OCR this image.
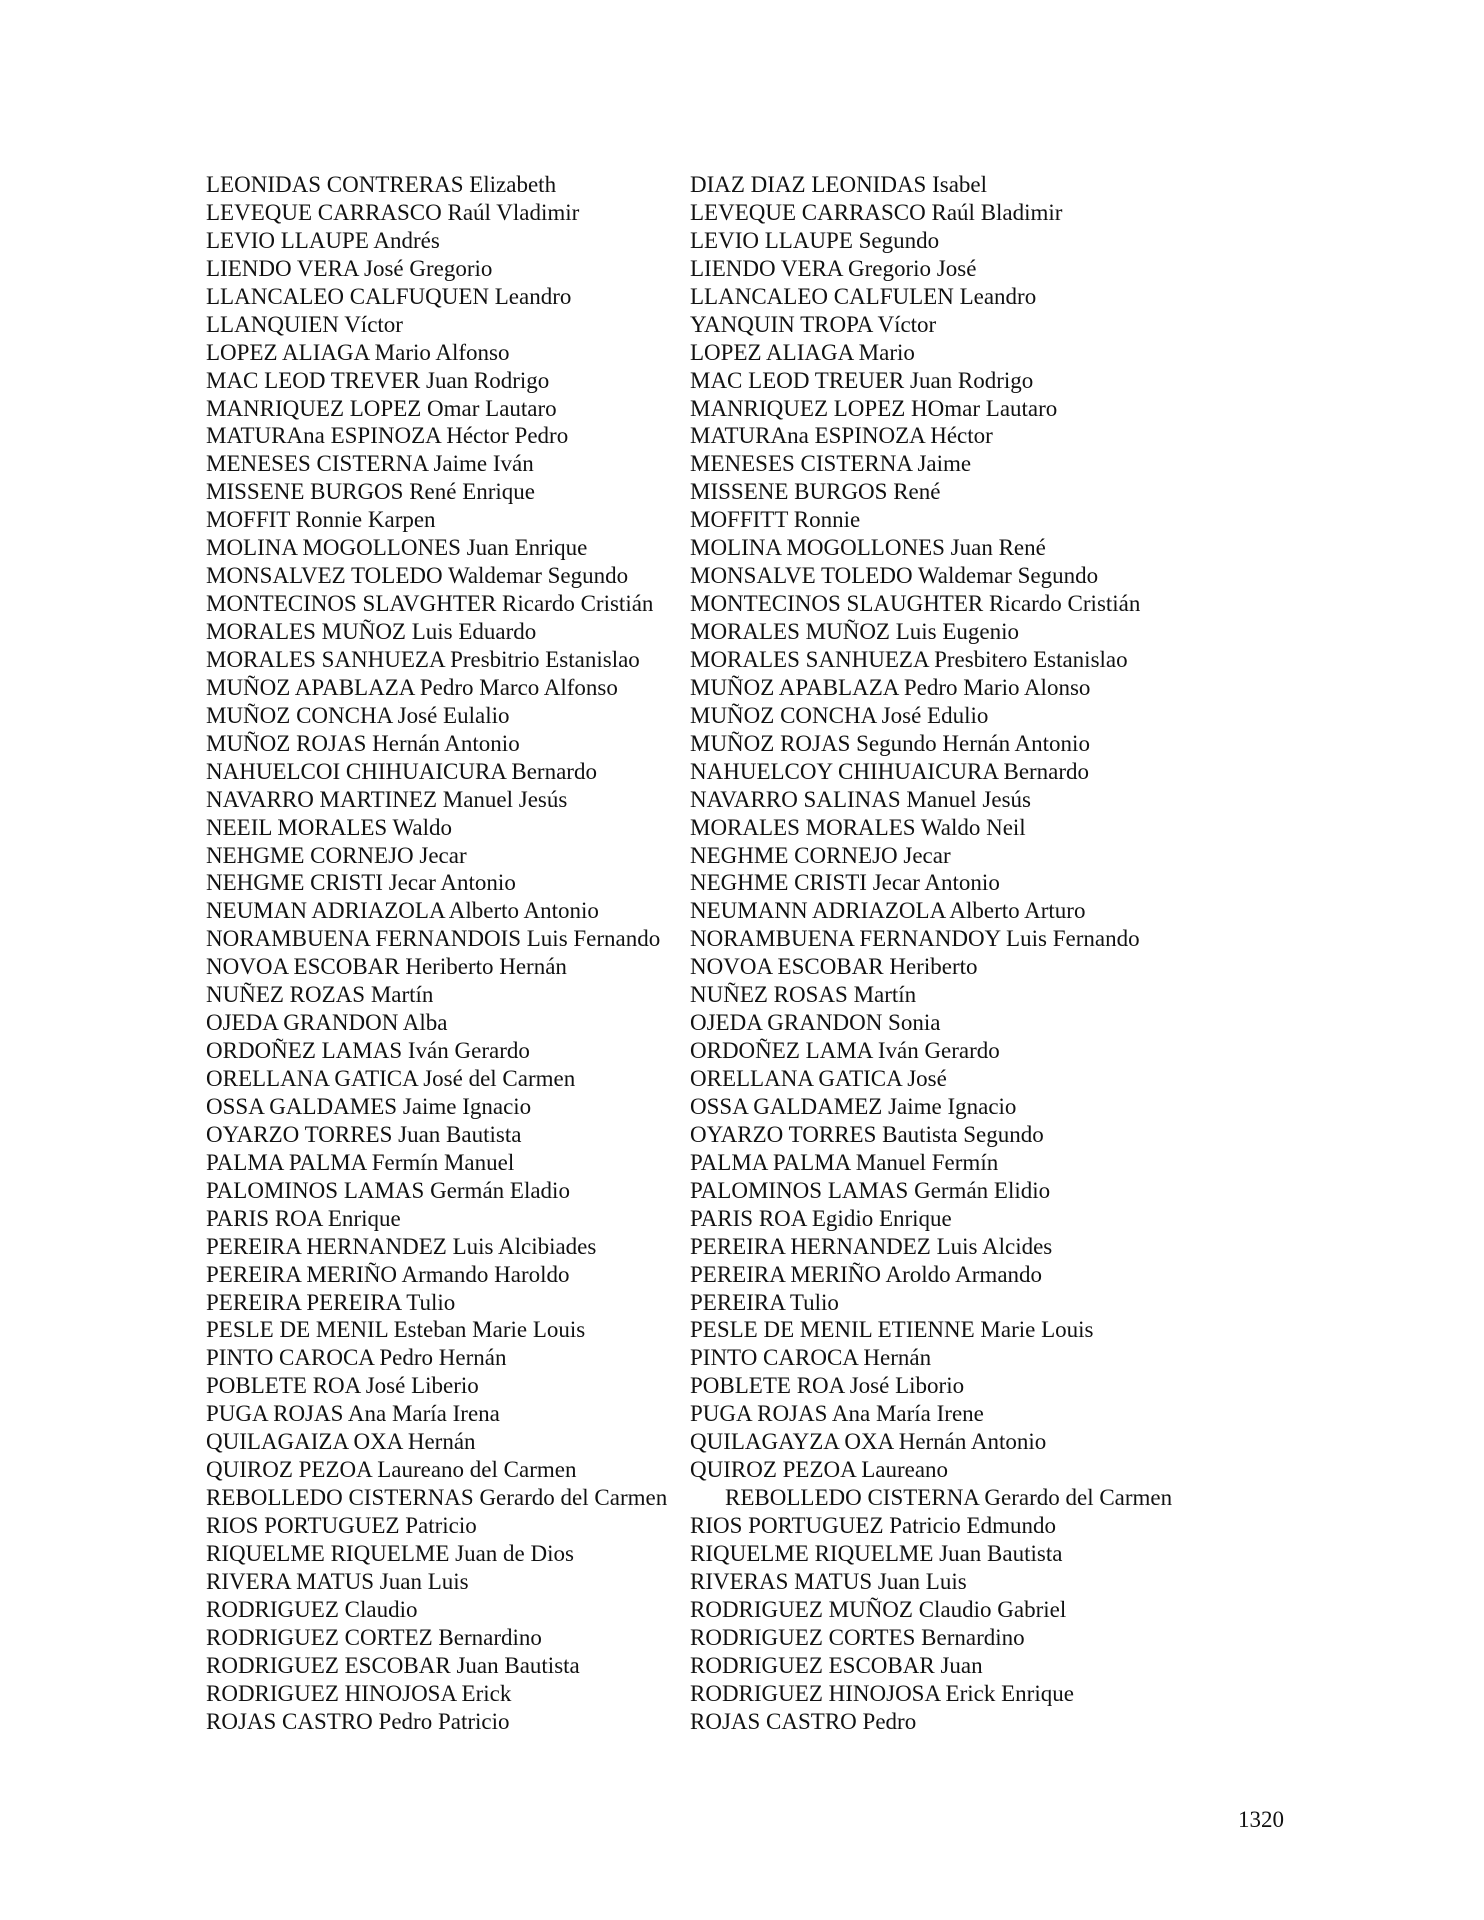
LEONIDAS CONTRERAS Elizabeth	DIAZ DIAZ LEONIDAS Isabel
LEVEQUE CARRASCO Raúl Vladimir	LEVEQUE CARRASCO Raúl Bladimir
LEVIO LLAUPE Andrés	LEVIO LLAUPE Segundo
LIENDO VERA José Gregorio	LIENDO VERA Gregorio José
LLANCALEO CALFUQUEN Leandro	LLANCALEO CALFULEN Leandro
LLANQUIEN Víctor	YANQUIN TROPA Víctor
LOPEZ ALIAGA Mario Alfonso	LOPEZ ALIAGA Mario
MAC LEOD TREVER Juan Rodrigo	MAC LEOD TREUER Juan Rodrigo
MANRIQUEZ LOPEZ Omar Lautaro	MANRIQUEZ LOPEZ HOmar Lautaro
MATURAna ESPINOZA Héctor Pedro	MATURAna ESPINOZA Héctor
MENESES CISTERNA Jaime Iván	MENESES CISTERNA Jaime
MISSENE BURGOS René Enrique	MISSENE BURGOS René
MOFFIT Ronnie Karpen	MOFFITT Ronnie
MOLINA MOGOLLONES Juan Enrique	MOLINA MOGOLLONES Juan René
MONSALVEZ TOLEDO Waldemar Segundo	MONSALVE TOLEDO Waldemar Segundo
MONTECINOS SLAVGHTER Ricardo Cristián MONTECINOS SLAUGHTER Ricardo Cristián
MORALES MUÑOZ Luis Eduardo	MORALES MUÑOZ Luis Eugenio
MORALES SANHUEZA Presbitrio Estanislao MORALES SANHUEZA Presbitero Estanislao
MUÑOZ APABLAZA Pedro Marco Alfonso	MUÑOZ APABLAZA Pedro Mario Alonso
MUÑOZ CONCHA José Eulalio	MUÑOZ CONCHA José Edulio
MUÑOZ ROJAS Hernán Antonio	MUÑOZ ROJAS Segundo Hernán Antonio
NAHUELCOI CHIHUAICURA Bernardo	NAHUELCOY CHIHUAICURA Bernardo
NAVARRO MARTINEZ Manuel Jesús	NAVARRO SALINAS Manuel Jesús
NEEIL MORALES Waldo	MORALES MORALES Waldo Neil
NEHGME CORNEJO Jecar	NEGHME CORNEJO Jecar
NEHGME CRISTI Jecar Antonio	NEGHME CRISTI Jecar Antonio
NEUMAN ADRIAZOLA Alberto Antonio	NEUMANN ADRIAZOLA Alberto Arturo
NORAMBUENA FERNANDOIS Luis Fernando NORAMBUENA FERNANDOY Luis Fernando
NOVOA ESCOBAR Heriberto Hernán	NOVOA ESCOBAR Heriberto
NUÑEZ ROZAS Martín	NUÑEZ ROSAS Martín
OJEDA GRANDON Alba	OJEDA GRANDON Sonia
ORDOÑEZ LAMAS Iván Gerardo	ORDOÑEZ LAMA Iván Gerardo
ORELLANA GATICA José del Carmen	ORELLANA GATICA José
OSSA GALDAMES Jaime Ignacio	OSSA GALDAMEZ Jaime Ignacio
OYARZO TORRES Juan Bautista	OYARZO TORRES Bautista Segundo
PALMA PALMA Fermín Manuel	PALMA PALMA Manuel Fermín
PALOMINOS LAMAS Germán Eladio	PALOMINOS LAMAS Germán Elidio
PARIS ROA Enrique	PARIS ROA Egidio Enrique
PEREIRA HERNANDEZ Luis Alcibiades	PEREIRA HERNANDEZ Luis Alcides
PEREIRA MERIÑO Armando Haroldo	PEREIRA MERIÑO Aroldo Armando
PEREIRA PEREIRA Tulio	PEREIRA Tulio
PESLE DE MENIL Esteban Marie Louis	PESLE DE MENIL ETIENNE Marie Louis
PINTO CAROCA Pedro Hernán	PINTO CAROCA Hernán
POBLETE ROA José Liberio	POBLETE ROA José Liborio
PUGA ROJAS Ana María Irena	PUGA ROJAS Ana María Irene
QUILAGAIZA OXA Hernán	QUILAGAYZA OXA Hernán Antonio
QUIROZ PEZOA Laureano del Carmen	QUIROZ PEZOA Laureano
REBOLLEDO CISTERNAS Gerardo del Carmen	REBOLLEDO CISTERNA Gerardo del Carmen
RIOS PORTUGUEZ Patricio	RIOS PORTUGUEZ Patricio Edmundo
RIQUELME RIQUELME Juan de Dios	RIQUELME RIQUELME Juan Bautista
RIVERA MATUS Juan Luis	RIVERAS MATUS Juan Luis
RODRIGUEZ Claudio	RODRIGUEZ MUÑOZ Claudio Gabriel
RODRIGUEZ CORTEZ Bernardino	RODRIGUEZ CORTES Bernardino
RODRIGUEZ ESCOBAR Juan Bautista	RODRIGUEZ ESCOBAR Juan
RODRIGUEZ HINOJOSA Erick	RODRIGUEZ HINOJOSA Erick Enrique
ROJAS CASTRO Pedro Patricio	ROJAS CASTRO Pedro
1320
